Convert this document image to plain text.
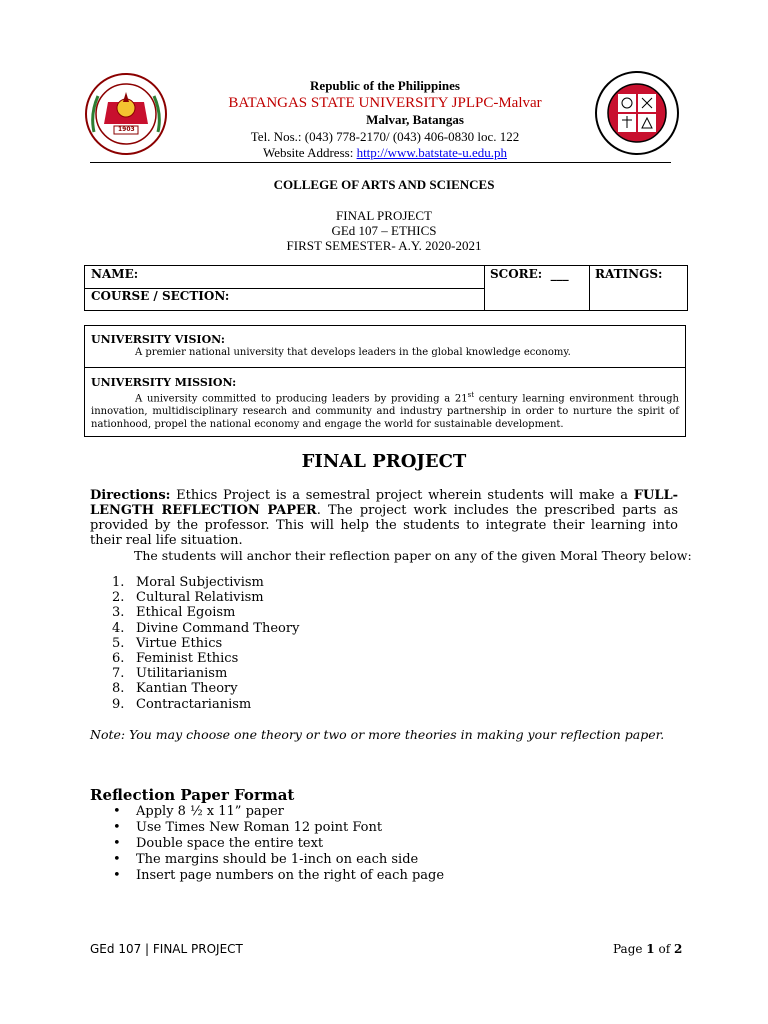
1903
Republic of the Philippines
BATANGAS STATE UNIVERSITY JPLPC-Malvar
Malvar, Batangas
Tel. Nos.: (043) 778-2170/ (043) 406-0830 loc. 122
Website Address: http://www.batstate-u.edu.ph
COLLEGE OF ARTS AND SCIENCES
FINAL PROJECT
GEd 107 – ETHICS
FIRST SEMESTER- A.Y. 2020-2021
NAME:
COURSE / SECTION:
SCORE:  ___	RATINGS:
UNIVERSITY VISION:
A premier national university that develops leaders in the global knowledge economy.
UNIVERSITY MISSION:
A university committed to producing leaders by providing a 21st century learning environment through innovation, multidisciplinary research and community and industry partnership in order to nurture the spirit of nationhood, propel the national economy and engage the world for sustainable development.
FINAL PROJECT
Directions: Ethics Project is a semestral project wherein students will make a FULL-LENGTH REFLECTION PAPER. The project work includes the prescribed parts as provided by the professor. This will help the students to integrate their learning into their real life situation.
The students will anchor their reflection paper on any of the given Moral Theory below:
1. Moral Subjectivism
2. Cultural Relativism
3. Ethical Egoism
4. Divine Command Theory
5. Virtue Ethics
6. Feminist Ethics
7. Utilitarianism
8. Kantian Theory
9. Contractarianism
Note: You may choose one theory or two or more theories in making your reflection paper.
Reflection Paper Format
•	Apply 8 ½ x 11” paper
•	Use Times New Roman 12 point Font
•	Double space the entire text
•	The margins should be 1-inch on each side
•	Insert page numbers on the right of each page
GEd 107 | FINAL PROJECT	Page 1 of 2
